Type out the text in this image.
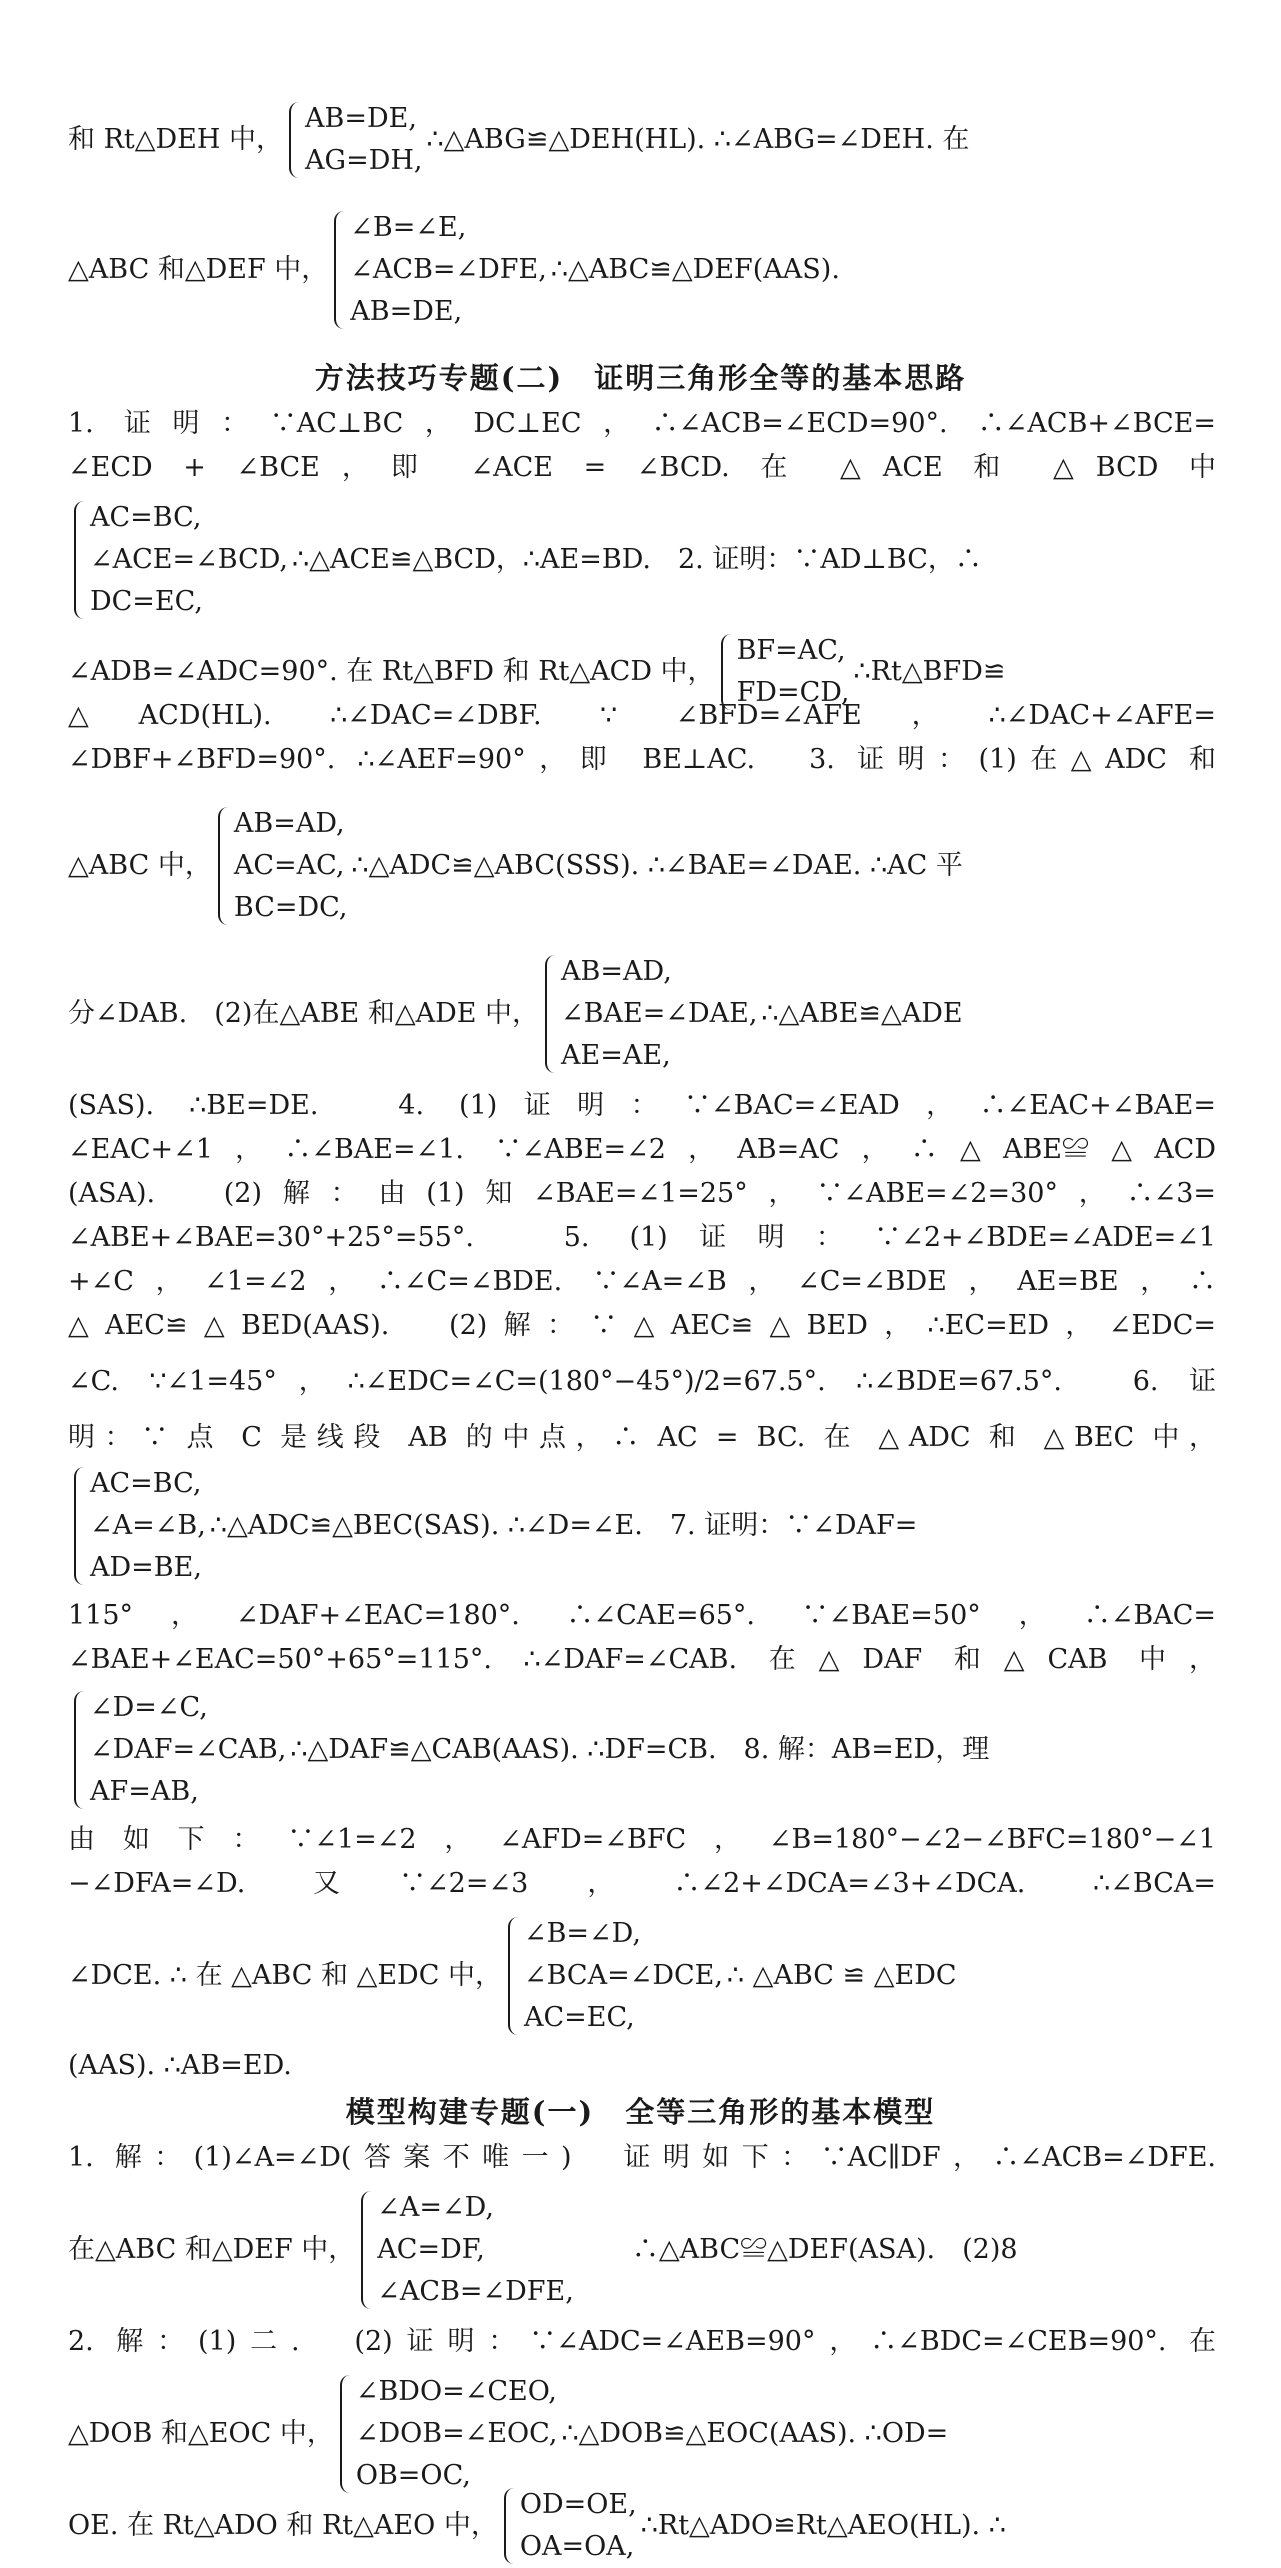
和 Rt△DEH 中，
AB=DE,
AG=DH,
∴△ABG≌△DEH(HL). ∴∠ABG=∠DEH. 在
△ABC 和△DEF 中，
∠B=∠E,
∠ACB=∠DFE,
AB=DE,
∴△ABC≌△DEF(AAS).
方法技巧专题(二)　证明三角形全等的基本思路
1. 证明：∵AC⊥BC，DC⊥EC，∴∠ACB=∠ECD=90°. ∴∠ACB+∠BCE=
∠ECD + ∠BCE，即 ∠ACE = ∠BCD. 在 △ACE 和 △BCD 中
AC=BC,
∠ACE=∠BCD,
DC=EC,
∴△ACE≌△BCD，∴AE=BD.　2. 证明：∵AD⊥BC，∴
∠ADB=∠ADC=90°. 在 Rt△BFD 和 Rt△ACD 中，
BF=AC,
FD=CD,
∴Rt△BFD≌
△ACD(HL). ∴∠DAC=∠DBF. ∵ ∠BFD=∠AFE，∴∠DAC+∠AFE=
∠DBF+∠BFD=90°. ∴∠AEF=90°，即 BE⊥AC.　3. 证明：(1)在△ADC 和
△ABC 中，
AB=AD,
AC=AC,
BC=DC,
∴△ADC≌△ABC(SSS). ∴∠BAE=∠DAE. ∴AC 平
分∠DAB.　(2)在△ABE 和△ADE 中，
AB=AD,
∠BAE=∠DAE,
AE=AE,
∴△ABE≌△ADE
(SAS). ∴BE=DE.　4. (1)证明：∵∠BAC=∠EAD，∴∠EAC+∠BAE=
∠EAC+∠1，∴∠BAE=∠1. ∵∠ABE=∠2，AB=AC，∴△ABE≌△ACD
(ASA).　(2)解：由(1)知∠BAE=∠1=25°，∵∠ABE=∠2=30°，∴∠3=
∠ABE+∠BAE=30°+25°=55°.　5. (1)证明：∵∠2+∠BDE=∠ADE=∠1
+∠C，∠1=∠2，∴∠C=∠BDE. ∵∠A=∠B，∠C=∠BDE，AE=BE，∴
△AEC≌△BED(AAS).　(2)解：∵△AEC≌△BED，∴EC=ED，∠EDC=
∠C. ∵∠1=45°，∴∠EDC=∠C=(180°−45°)/2=67.5°. ∴∠BDE=67.5°.　6. 证
明：∵ 点 C 是线段 AB 的中点，∴ AC = BC. 在 △ADC 和 △BEC 中，
AC=BC,
∠A=∠B,
AD=BE,
∴△ADC≌△BEC(SAS). ∴∠D=∠E.　7. 证明：∵∠DAF=
115°，∠DAF+∠EAC=180°. ∴∠CAE=65°. ∵∠BAE=50°，∴∠BAC=
∠BAE+∠EAC=50°+65°=115°. ∴∠DAF=∠CAB. 在△DAF 和△CAB 中，
∠D=∠C,
∠DAF=∠CAB,
AF=AB,
∴△DAF≌△CAB(AAS). ∴DF=CB.　8. 解：AB=ED，理
由如下：∵∠1=∠2，∠AFD=∠BFC，∠B=180°−∠2−∠BFC=180°−∠1
−∠DFA=∠D. 又∵∠2=∠3，∴∠2+∠DCA=∠3+∠DCA. ∴∠BCA=
∠DCE. ∴ 在 △ABC 和 △EDC 中，
∠B=∠D,
∠BCA=∠DCE,
AC=EC,
∴ △ABC ≌ △EDC
(AAS). ∴AB=ED.
模型构建专题(一)　全等三角形的基本模型
1. 解：(1)∠A=∠D(答案不唯一)　证明如下：∵AC∥DF，∴∠ACB=∠DFE.
在△ABC 和△DEF 中，
∠A=∠D,
AC=DF,
∠ACB=∠DFE,
　　∴△ABC≌△DEF(ASA).　(2)8
2. 解：(1)二.　(2)证明：∵∠ADC=∠AEB=90°，∴∠BDC=∠CEB=90°. 在
△DOB 和△EOC 中，
∠BDO=∠CEO,
∠DOB=∠EOC,
OB=OC,
∴△DOB≌△EOC(AAS). ∴OD=
OE. 在 Rt△ADO 和 Rt△AEO 中，
OD=OE,
OA=OA,
∴Rt△ADO≌Rt△AEO(HL). ∴
